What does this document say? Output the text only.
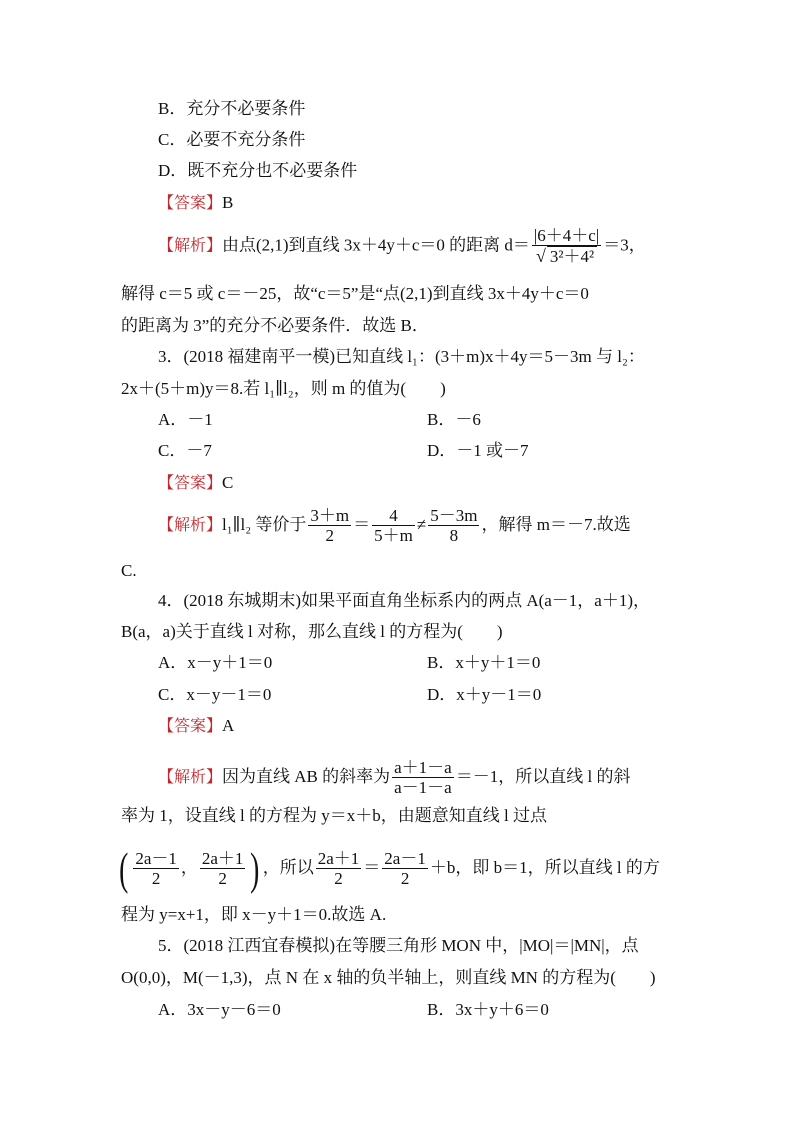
B．充分不必要条件
C．必要不充分条件
D．既不充分也不必要条件
【答案】B
【解析】由点(2,1)到直线 3x＋4y＋c＝0 的距离 $d= \frac{|6+4+c|}{\text{√ 3²＋4²}} =3$，
解得 c＝5 或 c＝－25，故“c＝5”是“点(2,1)到直线 3x＋4y＋c＝0
的距离为 3”的充分不必要条件．故选 B．
3．(2018 福建南平一模)已知直线 l₁：(3＋m)x＋4y＝5－3m 与 l₂：
2x＋(5＋m)y＝8.若 l₁∥l₂，则 m 的值为(　　)
A．－1	B．－6
C．－7	D．－1 或－7
【答案】C
【解析】l₁∥l₂ 等价于 $\frac{3+m}{2} = \frac{4}{5+m} \ne \frac{5-3m}{8}$ ，解得 m＝－7.故选
C.
4．(2018 东城期末)如果平面直角坐标系内的两点 A(a－1，a＋1)，
B(a，a)关于直线 l 对称，那么直线 l 的方程为(　　)
A．x－y＋1＝0	B．x＋y＋1＝0
C．x－y－1＝0	D．x＋y－1＝0
【答案】A
【解析】因为直线 AB 的斜率为 $\frac{a+1-a}{a-1-a} =-1$，所以直线 l 的斜
率为 1，设直线 l 的方程为 y＝x＋b，由题意知直线 l 过点
( $\frac{2a-1}{2}$ ， $\frac{2a+1}{2}$ ) ，所以 $\frac{2a+1}{2} = \frac{2a-1}{2} +b$，即 b＝1，所以直线 l 的方
程为 y=x+1，即 x－y＋1＝0.故选 A.
5．(2018 江西宜春模拟)在等腰三角形 MON 中，|MO|＝|MN|，点
O(0,0)，M(－1,3)，点 N 在 x 轴的负半轴上，则直线 MN 的方程为(　　)
A．3x－y－6＝0	B．3x＋y＋6＝0
